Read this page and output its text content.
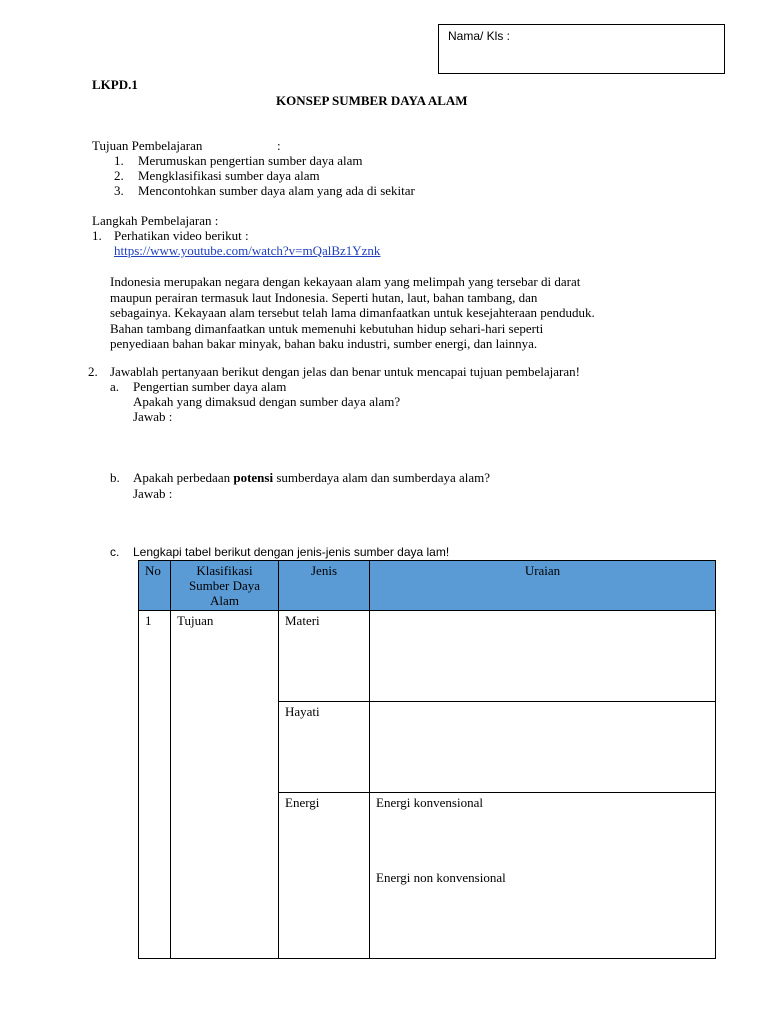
Nama/ Kls :
LKPD.1
KONSEP SUMBER DAYA ALAM
Tujuan Pembelajaran	:
1. Merumuskan pengertian sumber daya alam
2. Mengklasifikasi sumber daya alam
3. Mencontohkan sumber daya alam yang ada di sekitar
Langkah Pembelajaran :
1. Perhatikan video berikut :
https://www.youtube.com/watch?v=mQalBz1Yznk
Indonesia merupakan negara dengan kekayaan alam yang melimpah yang tersebar di darat
maupun perairan termasuk laut Indonesia. Seperti hutan, laut, bahan tambang, dan
sebagainya. Kekayaan alam tersebut telah lama dimanfaatkan untuk kesejahteraan penduduk.
Bahan tambang dimanfaatkan untuk memenuhi kebutuhan hidup sehari-hari seperti
penyediaan bahan bakar minyak, bahan baku industri, sumber energi, dan lainnya.
2. Jawablah pertanyaan berikut dengan jelas dan benar untuk mencapai tujuan pembelajaran!
a. Pengertian sumber daya alam
Apakah yang dimaksud dengan sumber daya alam?
Jawab :
b. Apakah perbedaan potensi sumberdaya alam dan sumberdaya alam?
Jawab :
c. Lengkapi tabel berikut dengan jenis-jenis sumber daya lam!
No	Klasifikasi
Sumber Daya
Alam	Jenis	Uraian
1	Tujuan	Materi	
		Hayati	
		Energi	Energi konvensional
Energi non konvensional
